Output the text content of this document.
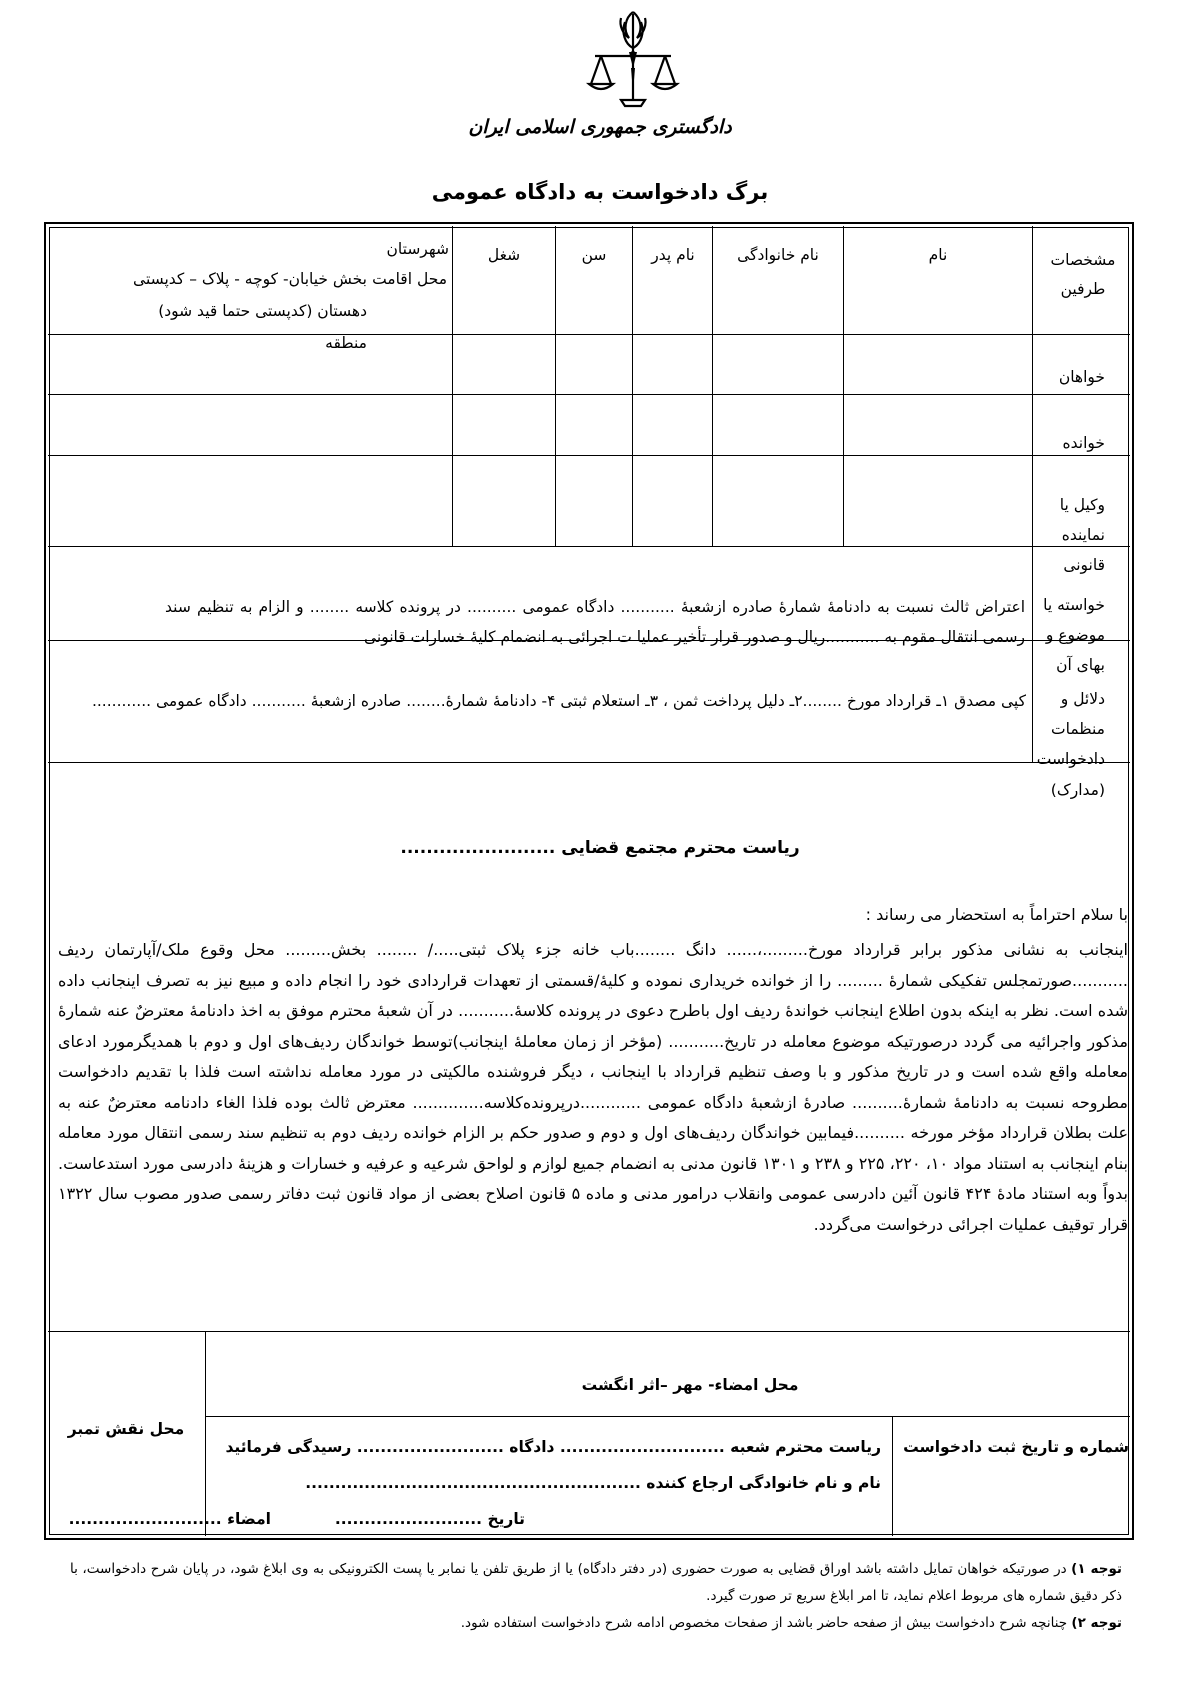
دادگستری جمهوری اسلامی ایران
برگ دادخواست به دادگاه عمومی
مشخصات طرفین
نام
نام خانوادگی
نام پدر
سن
شغل
شهرستان
محل اقامت
بخش خیابان- کوچه - پلاک – کدپستی
دهستان (کدپستی حتما قید شود)
منطقه
خواهان
خوانده
وکیل یا نماینده قانونی
خواسته یا موضوع و بهای آن
اعتراض ثالث نسبت به دادنامۀ شمارۀ صادره ازشعبۀ ........... دادگاه عمومی .......... در پرونده کلاسه ........ و الزام به تنظیم سند رسمی انتقال مقوم به ...........ریال و صدور قرار تأخیر عملیا ت اجرائی به انضمام کلیۀ خسارات قانونی
دلائل و منظمات دادخواست (مدارک)
کپی مصدق ١ـ قرارداد مورخ ........٢ـ دلیل پرداخت ثمن ، ٣ـ استعلام ثبتی ۴- دادنامۀ شمارۀ........ صادره ازشعبۀ ........... دادگاه عمومی ............
ریاست محترم مجتمع قضایی ........................
با سلام احتراماً به استحضار می رساند :
اینجانب به نشانی مذکور برابر قرارداد مورخ.........،...... دانگ ........باب خانه جزء پلاک ثبتی...../ ........ بخش......... محل وقوع ملک/آپارتمان ردیف ...........صورتمجلس تفکیکی شمارۀ ......... را از خوانده خریداری نموده و کلیۀ/قسمتی از تعهدات قراردادی خود را انجام داده و مبیع نیز به تصرف اینجانب داده شده است. نظر به اینکه بدون اطلاع اینجانب خواندۀ ردیف اول باطرح دعوی در پرونده کلاسۀ........... در آن شعبۀ محترم موفق به اخذ دادنامۀ معترضٌ عنه شمارۀ مذکور واجرائیه می گردد درصورتیکه موضوع معامله در تاریخ........... (مؤخر از زمان معاملۀ اینجانب)توسط خواندگان ردیف‌های اول و دوم با همدیگرمورد ادعای معامله واقع شده است و در تاریخ مذکور و با وصف تنظیم قرارداد با اینجانب ، دیگر فروشنده مالکیتی در مورد معامله نداشته است فلذا با تقدیم دادخواست مطروحه نسبت به دادنامۀ شمارۀ.......... صادرۀ ازشعبۀ دادگاه عمومی ............درپرونده‌کلاسه.............. معترض ثالث بوده فلذا الغاء دادنامه معترضٌ عنه به علت بطلان قرارداد مؤخر مورخه ..........فیمابین خواندگان ردیف‌های اول و دوم و صدور حکم بر الزام خوانده ردیف دوم به تنظیم سند رسمی انتقال مورد معامله بنام اینجانب به استناد مواد ١٠، ٢٢٠، ٢٢۵ و ٢٣٨ و ١٣٠١ قانون مدنی به انضمام جمیع لوازم و لواحق شرعیه و عرفیه و خسارات و هزینۀ دادرسی مورد استدعاست. بدواً وبه استناد مادۀ ۴٢۴ قانون آئین دادرسی عمومی وانقلاب درامور مدنی و ماده ۵ قانون اصلاح بعضی از مواد قانون ثبت دفاتر رسمی صدور مصوب سال ١٣٢٢ قرار توقیف عملیات اجرائی درخواست می‌گردد.
محل نقش تمبر
محل امضاء- مهر –اثر انگشت
شماره و تاریخ ثبت دادخواست
ریاست محترم شعبه ............................ دادگاه ......................... رسیدگی فرمائید
نام و نام خانوادگی ارجاع کننده .........................................................
تاریخ .........................
امضاء ..........................
توجه ١) در صورتیکه خواهان تمایل داشته باشد اوراق قضایی به صورت حضوری (در دفتر دادگاه) یا از طریق تلفن یا نمابر یا پست الکترونیکی به وی ابلاغ شود، در پایان شرح دادخواست، با ذکر دقیق شماره های مربوط اعلام نماید، تا امر ابلاغ سریع تر صورت گیرد.
توجه ٢) چنانچه شرح دادخواست بیش از صفحه حاضر باشد از صفحات مخصوص ادامه شرح دادخواست استفاده شود.
